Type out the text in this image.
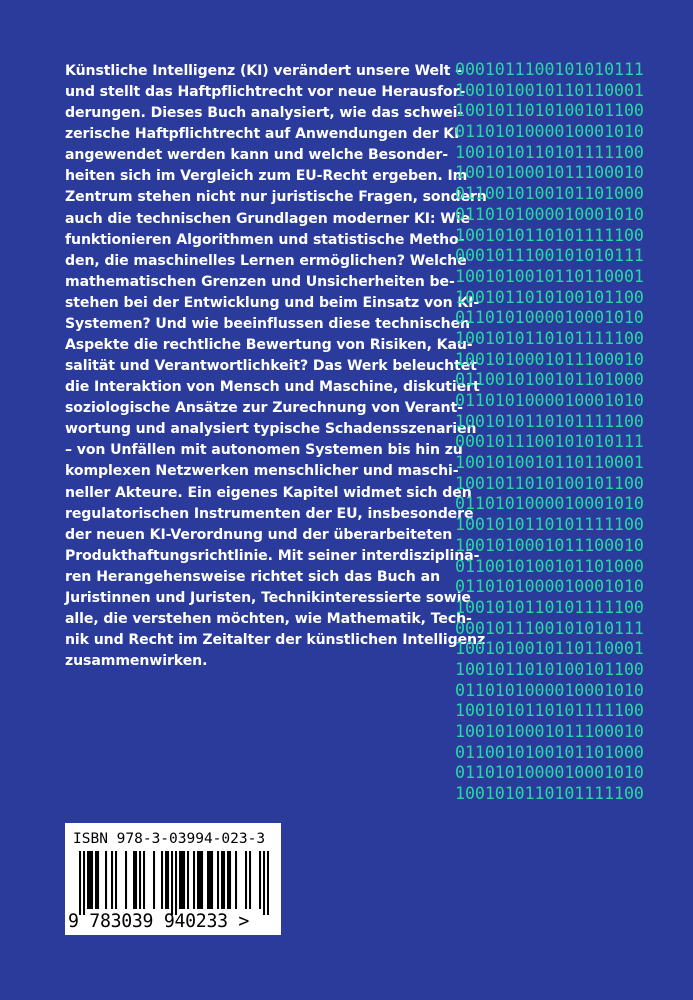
Künstliche Intelligenz (KI) verändert unsere Welt –
und stellt das Haftpflichtrecht vor neue Herausfor-
derungen. Dieses Buch analysiert, wie das schwei-
zerische Haftpflichtrecht auf Anwendungen der KI
angewendet werden kann und welche Besonder-
heiten sich im Vergleich zum EU-Recht ergeben. Im
Zentrum stehen nicht nur juristische Fragen, sondern
auch die technischen Grundlagen moderner KI: Wie
funktionieren Algorithmen und statistische Metho-
den, die maschinelles Lernen ermöglichen? Welche
mathematischen Grenzen und Unsicherheiten be-
stehen bei der Entwicklung und beim Einsatz von KI-
Systemen? Und wie beeinflussen diese technischen
Aspekte die rechtliche Bewertung von Risiken, Kau-
salität und Verantwortlichkeit? Das Werk beleuchtet
die Interaktion von Mensch und Maschine, diskutiert
soziologische Ansätze zur Zurechnung von Verant-
wortung und analysiert typische Schadensszenarien
– von Unfällen mit autonomen Systemen bis hin zu
komplexen Netzwerken menschlicher und maschi-
neller Akteure. Ein eigenes Kapitel widmet sich den
regulatorischen Instrumenten der EU, insbesondere
der neuen KI-Verordnung und der überarbeiteten
Produkthaftungsrichtlinie. Mit seiner interdisziplinä-
ren Herangehensweise richtet sich das Buch an
Juristinnen und Juristen, Technikinteressierte sowie
alle, die verstehen möchten, wie Mathematik, Tech-
nik und Recht im Zeitalter der künstlichen Intelligenz
zusammenwirken.
0001011100101010111
1001010010110110001
1001011010100101100
0110101000010001010
1001010110101111100
1001010001011100010
0110010100101101000
0110101000010001010
1001010110101111100
0001011100101010111
1001010010110110001
1001011010100101100
0110101000010001010
1001010110101111100
1001010001011100010
0110010100101101000
0110101000010001010
1001010110101111100
0001011100101010111
1001010010110110001
1001011010100101100
0110101000010001010
1001010110101111100
1001010001011100010
0110010100101101000
0110101000010001010
1001010110101111100
0001011100101010111
1001010010110110001
1001011010100101100
0110101000010001010
1001010110101111100
1001010001011100010
0110010100101101000
0110101000010001010
1001010110101111100
ISBN 978-3-03994-023-3
9 783039 940233 >
